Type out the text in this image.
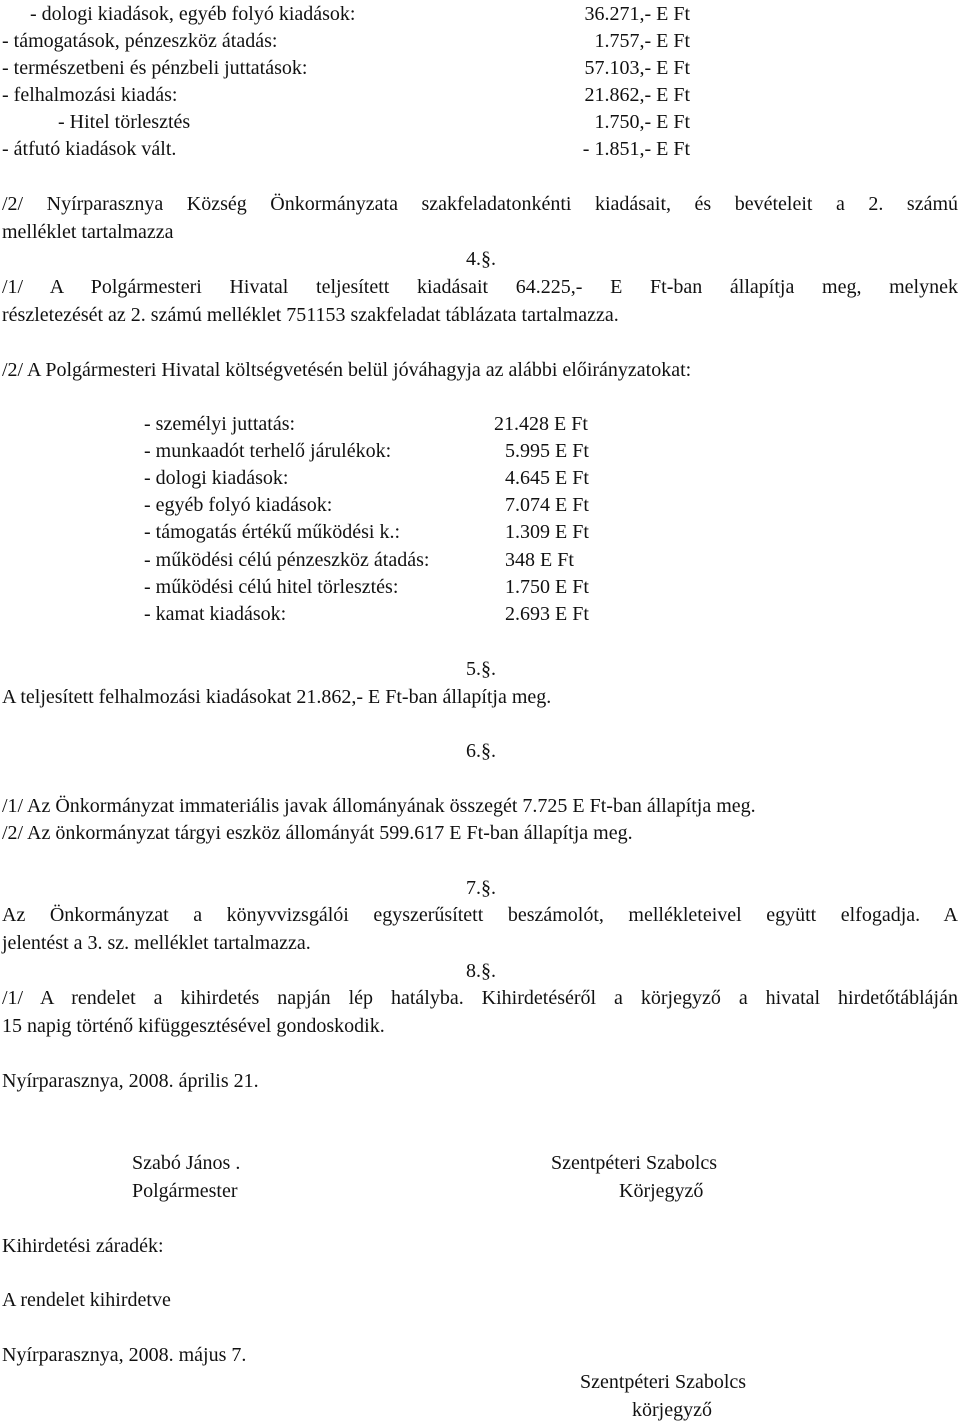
- dologi kiadások, egyéb folyó kiadások:	36.271,- E Ft
- támogatások, pénzeszköz átadás:	1.757,- E Ft
- természetbeni és pénzbeli juttatások:	57.103,- E Ft
- felhalmozási kiadás:	21.862,- E Ft
- Hitel törlesztés	1.750,- E Ft
- átfutó kiadások vált.	- 1.851,- E Ft
/2/ Nyírparasznya Község Önkormányzata szakfeladatonkénti kiadásait, és bevételeit a 2. számú
melléklet tartalmazza
4.§.
/1/ A Polgármesteri Hivatal teljesített kiadásait 64.225,- E Ft-ban állapítja meg, melynek
részletezését az 2. számú melléklet 751153 szakfeladat táblázata tartalmazza.
/2/ A Polgármesteri Hivatal költségvetésén belül jóváhagyja az alábbi előirányzatokat:
- személyi juttatás:	21.428 E Ft
- munkaadót terhelő járulékok:	5.995 E Ft
- dologi kiadások:	4.645 E Ft
- egyéb folyó kiadások:	7.074 E Ft
- támogatás értékű működési k.:	1.309 E Ft
- működési célú pénzeszköz átadás:	348 E Ft
- működési célú hitel törlesztés:	1.750 E Ft
- kamat kiadások:	2.693 E Ft
5.§.
A teljesített felhalmozási kiadásokat 21.862,- E Ft-ban állapítja meg.
6.§.
/1/ Az Önkormányzat immateriális javak állományának összegét 7.725 E Ft-ban állapítja meg.
/2/ Az önkormányzat tárgyi eszköz állományát 599.617 E Ft-ban állapítja meg.
7.§.
Az Önkormányzat a könyvvizsgálói egyszerűsített beszámolót, mellékleteivel együtt elfogadja. A
jelentést a 3. sz. melléklet tartalmazza.
8.§.
/1/ A rendelet a kihirdetés napján lép hatályba. Kihirdetéséről a körjegyző a hivatal hirdetőtábláján
15 napig történő kifüggesztésével gondoskodik.
Nyírparasznya, 2008. április 21.
Szabó János .
Polgármester
Szentpéteri Szabolcs
Körjegyző
Kihirdetési záradék:
A rendelet kihirdetve
Nyírparasznya, 2008. május 7.
Szentpéteri Szabolcs
körjegyző
